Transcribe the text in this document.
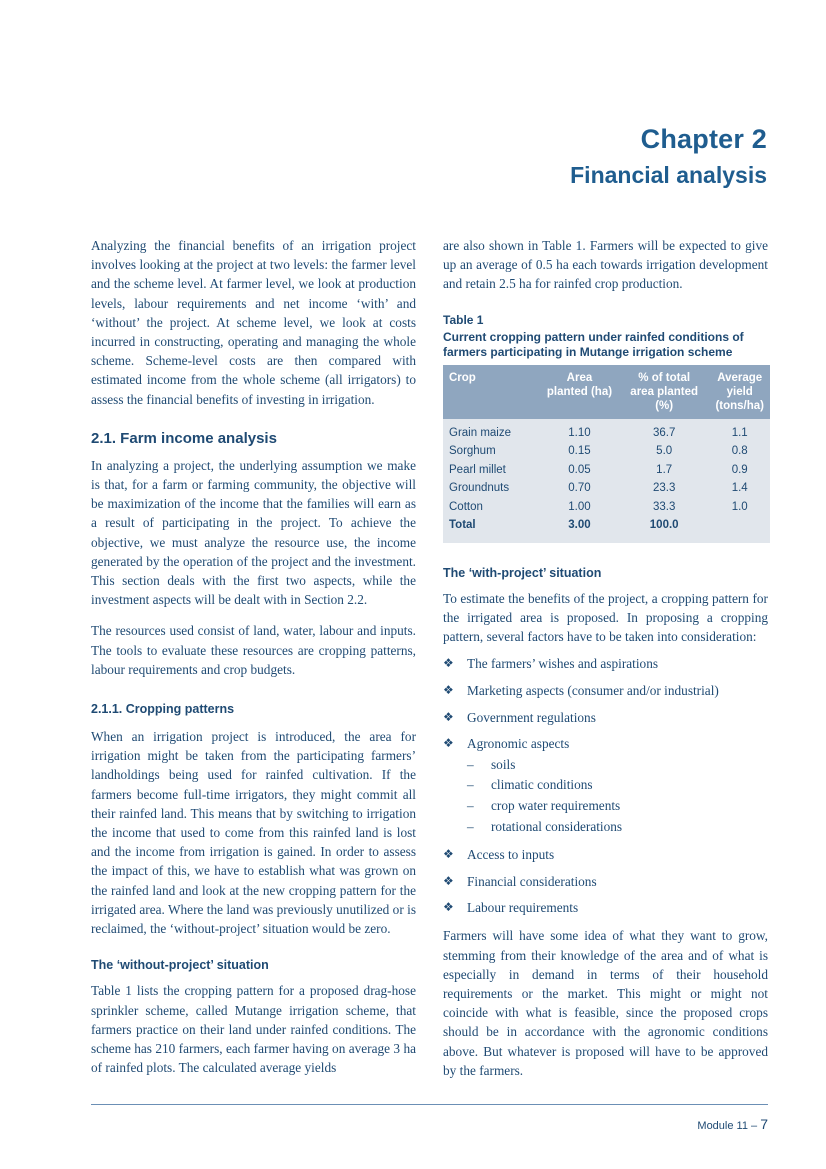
Chapter 2
Financial analysis

Analyzing the financial benefits of an irrigation project involves looking at the project at two levels: the farmer level and the scheme level. At farmer level, we look at production levels, labour requirements and net income ‘with’ and ‘without’ the project. At scheme level, we look at costs incurred in constructing, operating and managing the whole scheme. Scheme-level costs are then compared with estimated income from the whole scheme (all irrigators) to assess the financial benefits of investing in irrigation.

2.1. Farm income analysis

In analyzing a project, the underlying assumption we make is that, for a farm or farming community, the objective will be maximization of the income that the families will earn as a result of participating in the project. To achieve the objective, we must analyze the resource use, the income generated by the operation of the project and the investment. This section deals with the first two aspects, while the investment aspects will be dealt with in Section 2.2.

The resources used consist of land, water, labour and inputs. The tools to evaluate these resources are cropping patterns, labour requirements and crop budgets.

2.1.1. Cropping patterns

When an irrigation project is introduced, the area for irrigation might be taken from the participating farmers’ landholdings being used for rainfed cultivation. If the farmers become full-time irrigators, they might commit all their rainfed land. This means that by switching to irrigation the income that used to come from this rainfed land is lost and the income from irrigation is gained. In order to assess the impact of this, we have to establish what was grown on the rainfed land and look at the new cropping pattern for the irrigated area. Where the land was previously unutilized or is reclaimed, the ‘without-project’ situation would be zero.

The ‘without-project’ situation

Table 1 lists the cropping pattern for a proposed drag-hose sprinkler scheme, called Mutange irrigation scheme, that farmers practice on their land under rainfed conditions. The scheme has 210 farmers, each farmer having on average 3 ha of rainfed plots. The calculated average yields

are also shown in Table 1. Farmers will be expected to give up an average of 0.5 ha each towards irrigation development and retain 2.5 ha for rainfed crop production.

Table 1
Current cropping pattern under rainfed conditions of farmers participating in Mutange irrigation scheme
Crop	Area planted (ha)	% of total area planted (%)	Average yield (tons/ha)
Grain maize	1.10	36.7	1.1
Sorghum	0.15	5.0	0.8
Pearl millet	0.05	1.7	0.9
Groundnuts	0.70	23.3	1.4
Cotton	1.00	33.3	1.0
Total	3.00	100.0	
The ‘with-project’ situation

To estimate the benefits of the project, a cropping pattern for the irrigated area is proposed. In proposing a cropping pattern, several factors have to be taken into consideration:

❖ The farmers’ wishes and aspirations
❖ Marketing aspects (consumer and/or industrial)
❖ Government regulations
❖ Agronomic aspects
– soils
– climatic conditions
– crop water requirements
– rotational considerations
❖ Access to inputs
❖ Financial considerations
❖ Labour requirements

Farmers will have some idea of what they want to grow, stemming from their knowledge of the area and of what is especially in demand in terms of their household requirements or the market. This might or might not coincide with what is feasible, since the proposed crops should be in accordance with the agronomic conditions above. But whatever is proposed will have to be approved by the farmers.

Module 11 – 7
